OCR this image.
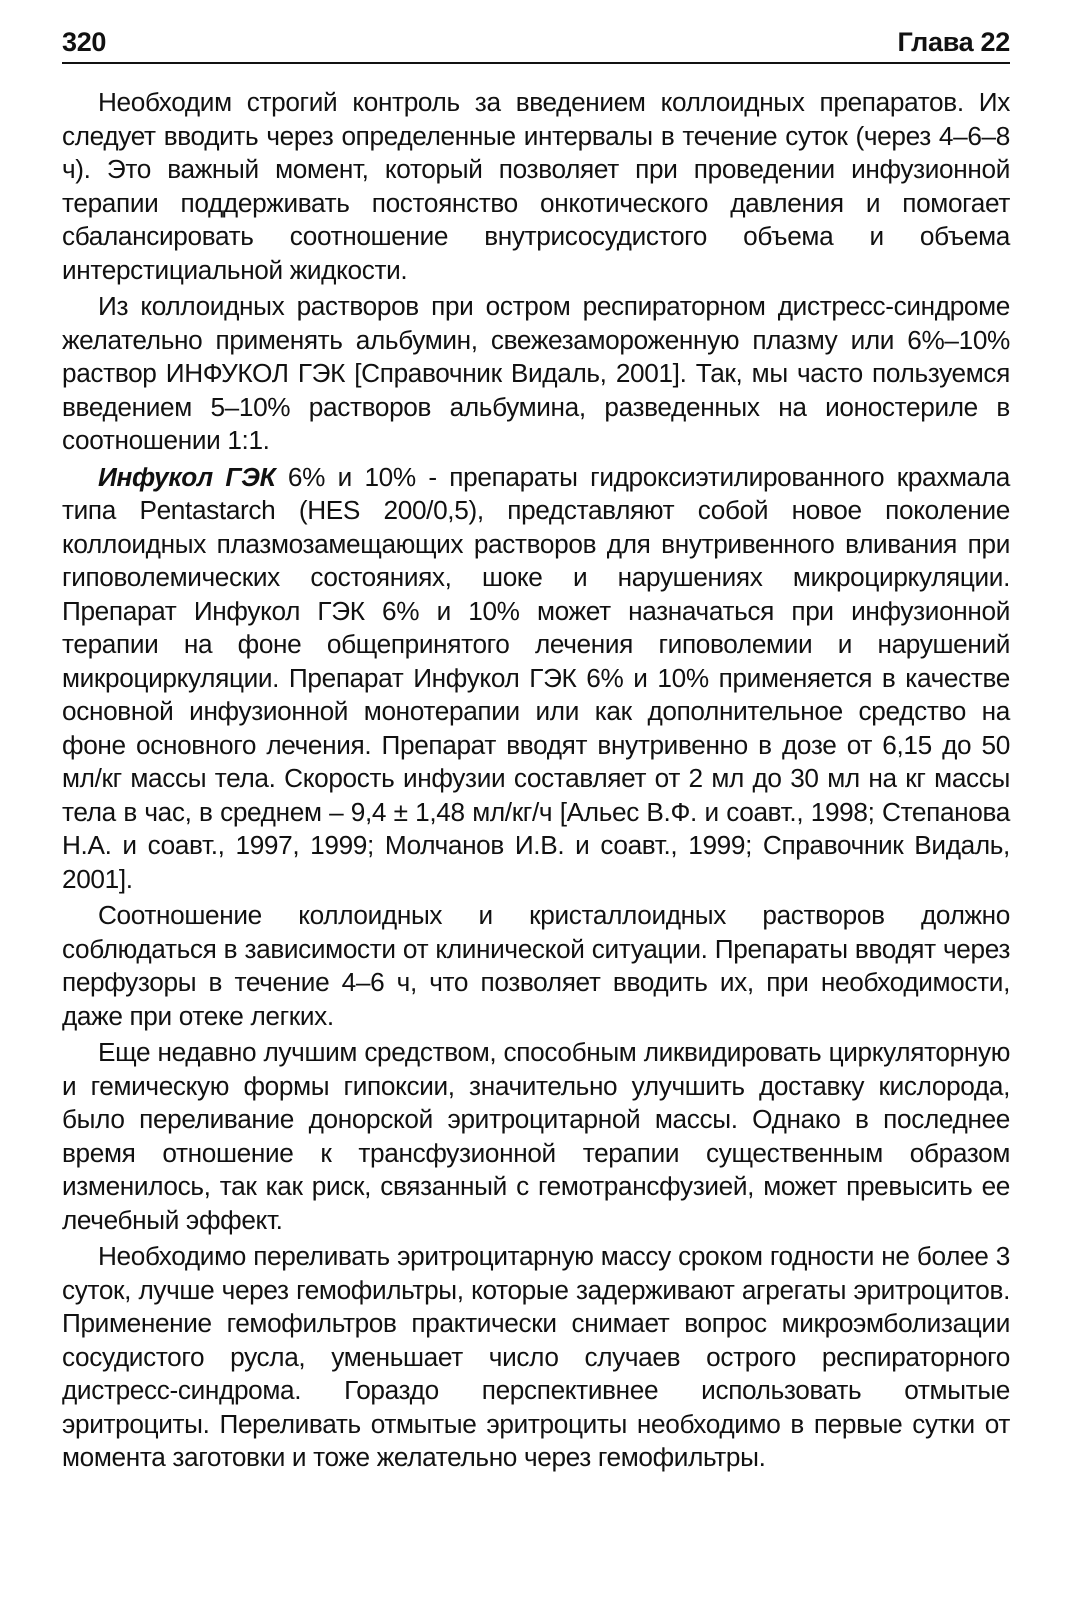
320	Глава 22

Необходим строгий контроль за введением коллоидных препаратов. Их следует вводить через определенные интервалы в течение суток (через 4–6–8 ч). Это важный момент, который позволяет при проведении инфузионной терапии поддерживать постоянство онкотического давления и помогает сбалансировать соотношение внутрисосудистого объема и объема интерстициальной жидкости.

Из коллоидных растворов при остром респираторном дистресс-синдроме желательно применять альбумин, свежезамороженную плазму или 6%–10% раствор ИНФУКОЛ ГЭК [Справочник Видаль, 2001]. Так, мы часто пользуемся введением 5–10% растворов альбумина, разведенных на ионостериле в соотношении 1:1.

Инфукол ГЭК 6% и 10% - препараты гидроксиэтилированного крахмала типа Pentastarch (HES 200/0,5), представляют собой новое поколение коллоидных плазмозамещающих растворов для внутривенного вливания при гиповолемических состояниях, шоке и нарушениях микроциркуляции. Препарат Инфукол ГЭК 6% и 10% может назначаться при инфузионной терапии на фоне общепринятого лечения гиповолемии и нарушений микроциркуляции. Препарат Инфукол ГЭК 6% и 10% применяется в качестве основной инфузионной монотерапии или как дополнительное средство на фоне основного лечения. Препарат вводят внутривенно в дозе от 6,15 до 50 мл/кг массы тела. Скорость инфузии составляет от 2 мл до 30 мл на кг массы тела в час, в среднем – 9,4 ± 1,48 мл/кг/ч [Альес В.Ф. и соавт., 1998; Степанова Н.А. и соавт., 1997, 1999; Молчанов И.В. и соавт., 1999; Справочник Видаль, 2001].

Соотношение коллоидных и кристаллоидных растворов должно соблюдаться в зависимости от клинической ситуации. Препараты вводят через перфузоры в течение 4–6 ч, что позволяет вводить их, при необходимости, даже при отеке легких.

Еще недавно лучшим средством, способным ликвидировать циркуляторную и гемическую формы гипоксии, значительно улучшить доставку кислорода, было переливание донорской эритроцитарной массы. Однако в последнее время отношение к трансфузионной терапии существенным образом изменилось, так как риск, связанный с гемотрансфузией, может превысить ее лечебный эффект.

Необходимо переливать эритроцитарную массу сроком годности не более 3 суток, лучше через гемофильтры, которые задерживают агрегаты эритроцитов. Применение гемофильтров практически снимает вопрос микроэмболизации сосудистого русла, уменьшает число случаев острого респираторного дистресс-синдрома. Гораздо перспективнее использовать отмытые эритроциты. Переливать отмытые эритроциты необходимо в первые сутки от момента заготовки и тоже желательно через гемофильтры.
